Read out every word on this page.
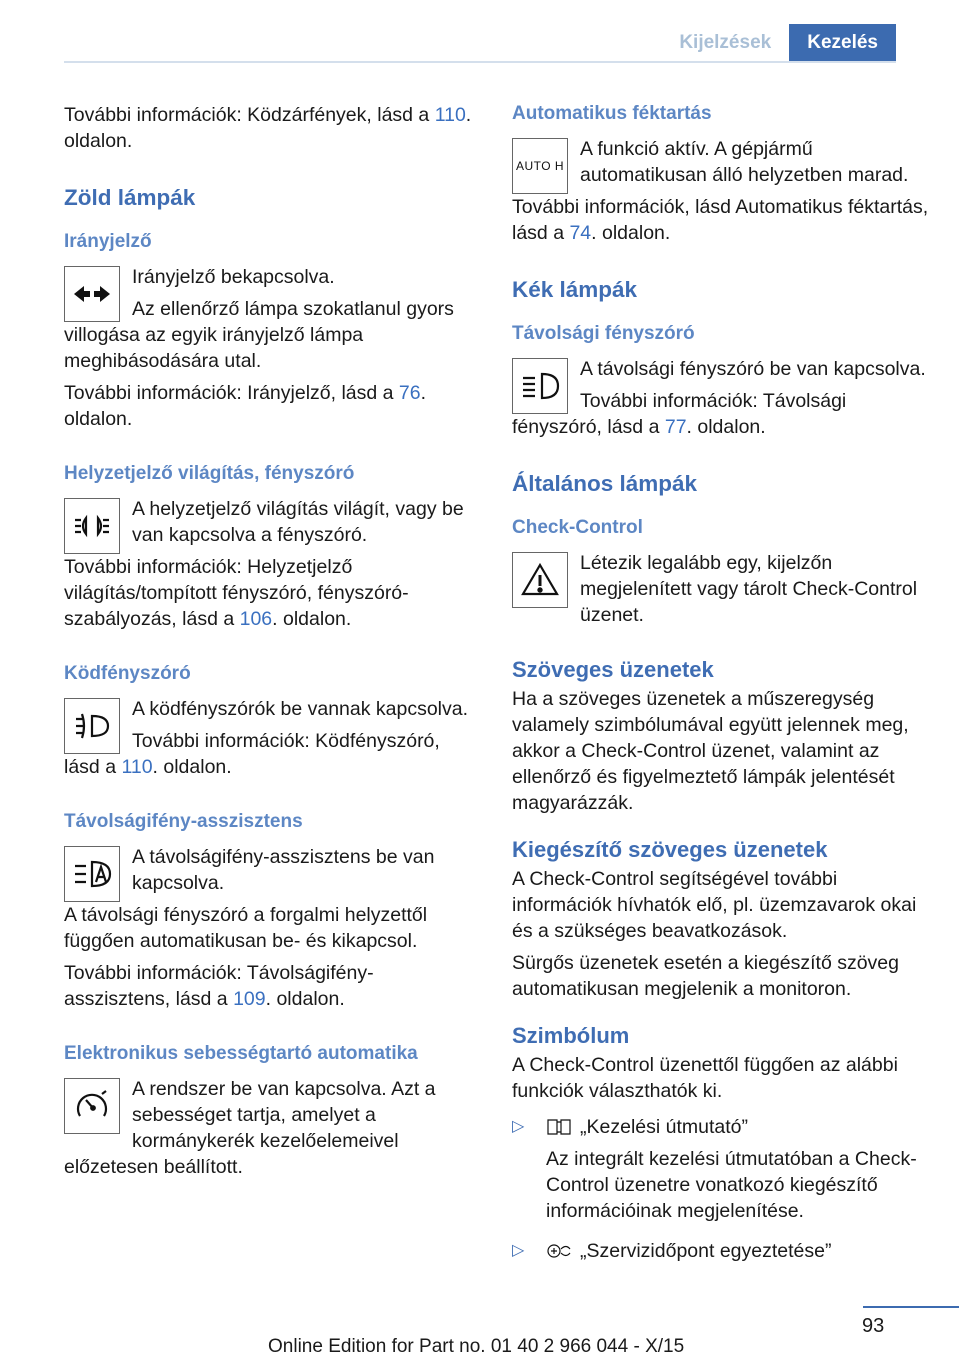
Kijelzések	Kezelés

További információk: Ködzárfények, lásd a 110. oldalon.

Zöld lámpák
Irányjelző

Irányjelző bekapcsolva.

Az ellenőrző lámpa szokatlanul gyors villogása az egyik irányjelző lámpa meghibásodására utal.

További információk: Irányjelző, lásd a 76. oldalon.

Helyzetjelző világítás, fényszóró

A helyzetjelző világítás világít, vagy be van kapcsolva a fényszóró.

További információk: Helyzetjelző világítás/tompított fényszóró, fényszóró-szabályozás, lásd a 106. oldalon.

Ködfényszóró

A ködfényszórók be vannak kapcsolva.

További információk: Ködfényszóró, lásd a 110. oldalon.

Távolságifény-asszisztens

A távolságifény-asszisztens be van kapcsolva.

A távolsági fényszóró a forgalmi helyzettől függően automatikusan be- és kikapcsol.

További információk: Távolságifény-asszisztens, lásd a 109. oldalon.

Elektronikus sebességtartó automatika

A rendszer be van kapcsolva. Azt a sebességet tartja, amelyet a kormánykerék kezelőelemeivel előzetesen beállított.

Automatikus féktartás
AUTO H

A funkció aktív. A gépjármű automatikusan álló helyzetben marad.

További információk, lásd Automatikus féktartás, lásd a 74. oldalon.

Kék lámpák
Távolsági fényszóró

A távolsági fényszóró be van kapcsolva.

További információk: Távolsági fényszóró, lásd a 77. oldalon.

Általános lámpák
Check-Control

Létezik legalább egy, kijelzőn megjelenített vagy tárolt Check-Control üzenet.

Szöveges üzenetek

Ha a szöveges üzenetek a műszeregység valamely szimbólumával együtt jelennek meg, akkor a Check-Control üzenet, valamint az ellenőrző és figyelmeztető lámpák jelentését magyarázzák.

Kiegészítő szöveges üzenetek

A Check-Control segítségével további információk hívhatók elő, pl. üzemzavarok okai és a szükséges beavatkozások.

Sürgős üzenetek esetén a kiegészítő szöveg automatikusan megjelenik a monitoron.

Szimbólum

A Check-Control üzenettől függően az alábbi funkciók választhatók ki.

▷	„Kezelési útmutató”

Az integrált kezelési útmutatóban a Check-Control üzenetre vonatkozó kiegészítő információinak megjelenítése.

▷	„Szervizidőpont egyeztetése”

93
Online Edition for Part no. 01 40 2 966 044 - X/15
